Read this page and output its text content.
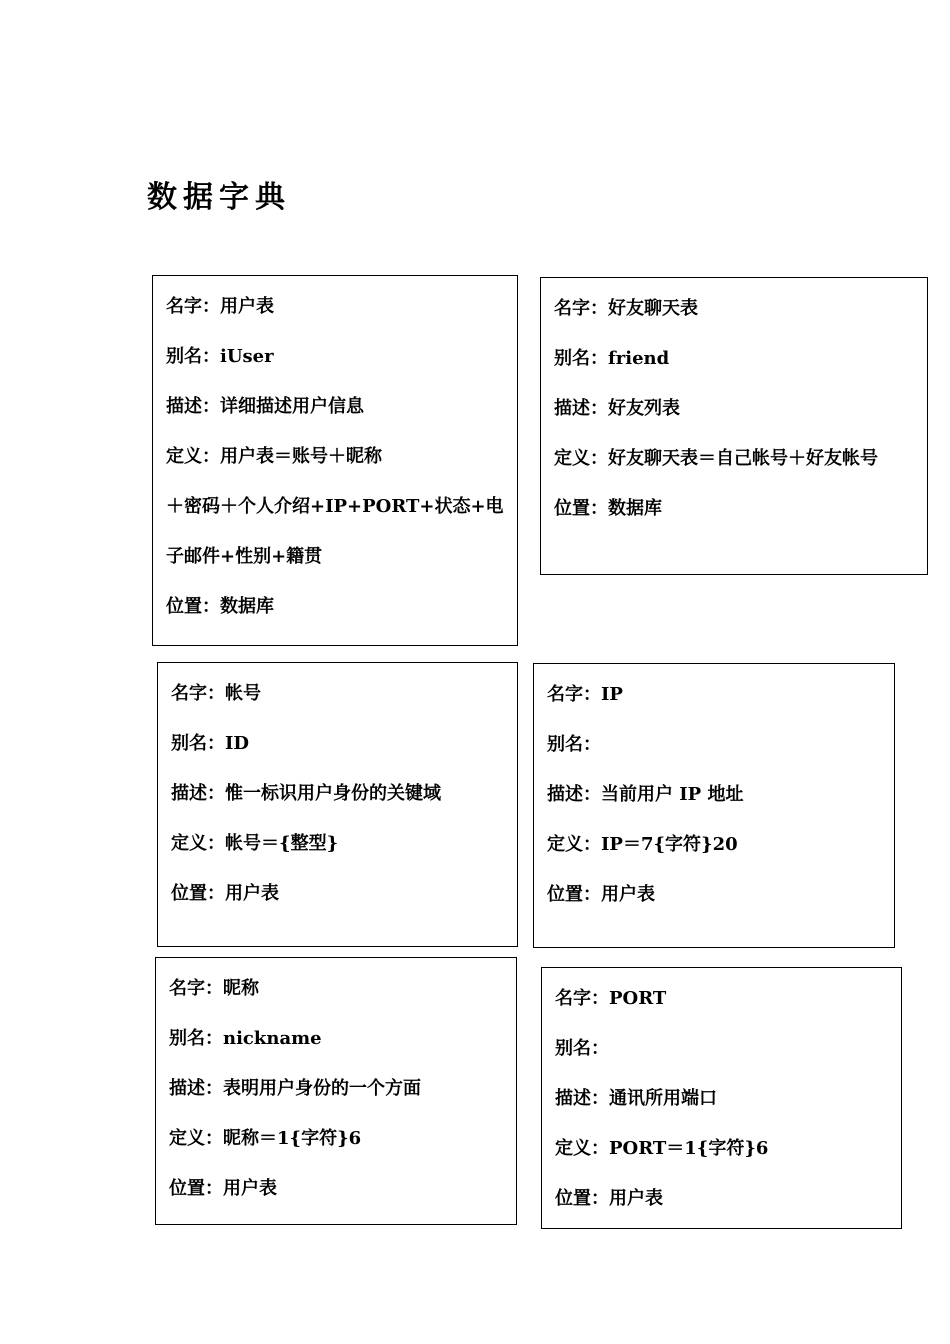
数据字典
名字：用户表
别名：iUser
描述：详细描述用户信息
定义：用户表＝账号＋昵称
＋密码＋个人介绍+IP+PORT+状态+电
子邮件+性别+籍贯
位置：数据库
名字：好友聊天表
别名：friend
描述：好友列表
定义：好友聊天表＝自己帐号＋好友帐号
位置：数据库
名字：帐号
别名：ID
描述：惟一标识用户身份的关键域
定义：帐号＝{整型}
位置：用户表
名字：IP
别名：
描述：当前用户 IP 地址
定义：IP＝7{字符}20
位置：用户表
名字：昵称
别名：nickname
描述：表明用户身份的一个方面
定义：昵称＝1{字符}6
位置：用户表
名字：PORT
别名：
描述：通讯所用端口
定义：PORT＝1{字符}6
位置：用户表
